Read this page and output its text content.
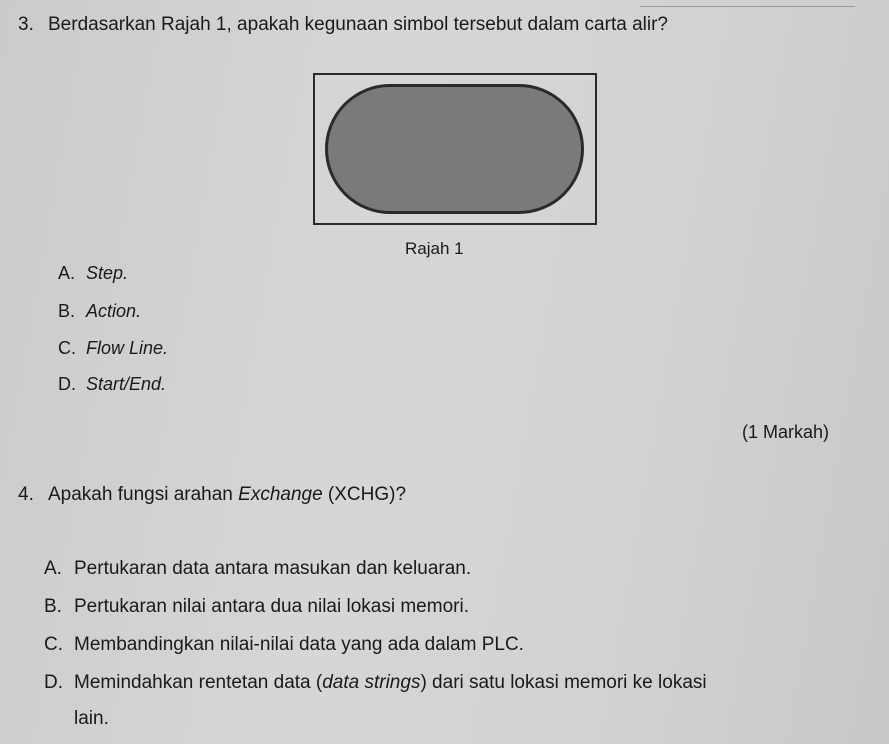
3. Berdasarkan Rajah 1, apakah kegunaan simbol tersebut dalam carta alir?
Rajah 1
A. Step.
B. Action.
C. Flow Line.
D. Start/End.
(1 Markah)
4. Apakah fungsi arahan Exchange (XCHG)?
A. Pertukaran data antara masukan dan keluaran.
B. Pertukaran nilai antara dua nilai lokasi memori.
C. Membandingkan nilai-nilai data yang ada dalam PLC.
D. Memindahkan rentetan data (data strings) dari satu lokasi memori ke lokasi
lain.
